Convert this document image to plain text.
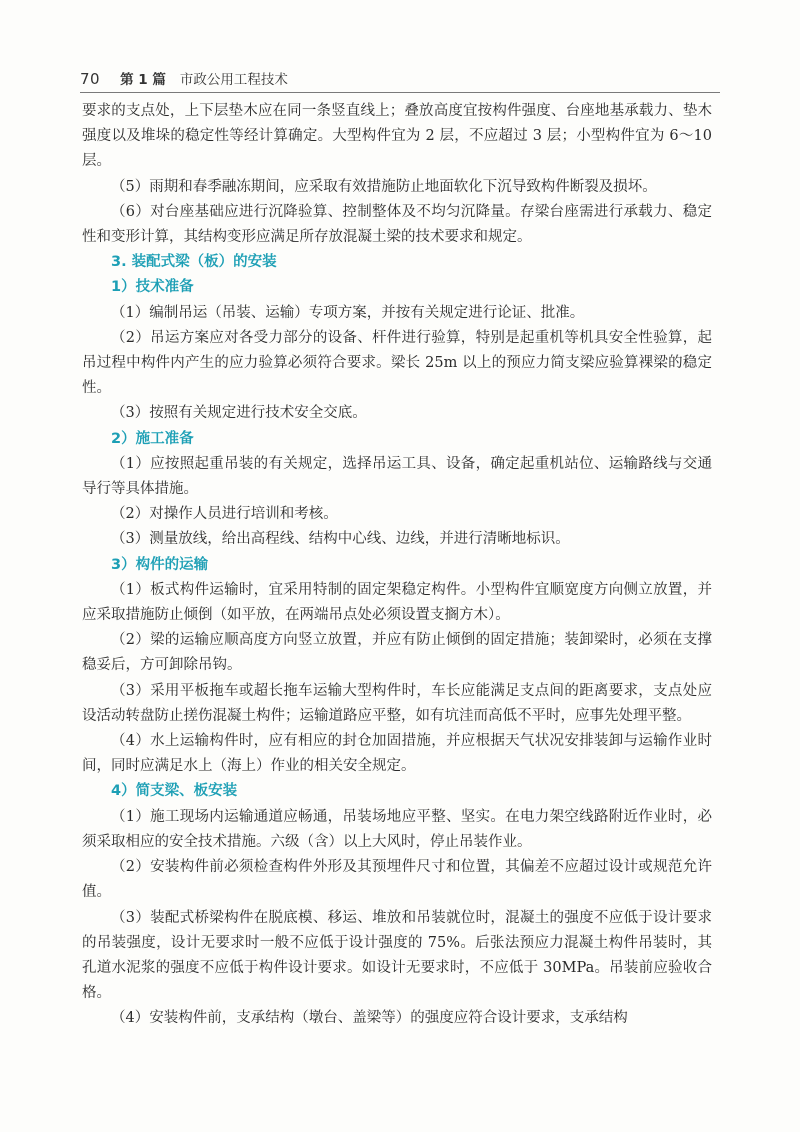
70 第 1 篇 市政公用工程技术

要求的支点处，上下层垫木应在同一条竖直线上；叠放高度宜按构件强度、台座地基承载力、垫木强度以及堆垛的稳定性等经计算确定。大型构件宜为 2 层，不应超过 3 层；小型构件宜为 6～10 层。

（5）雨期和春季融冻期间，应采取有效措施防止地面软化下沉导致构件断裂及损坏。

（6）对台座基础应进行沉降验算、控制整体及不均匀沉降量。存梁台座需进行承载力、稳定性和变形计算，其结构变形应满足所存放混凝土梁的技术要求和规定。

3. 装配式梁（板）的安装

1）技术准备

（1）编制吊运（吊装、运输）专项方案，并按有关规定进行论证、批准。

（2）吊运方案应对各受力部分的设备、杆件进行验算，特别是起重机等机具安全性验算，起吊过程中构件内产生的应力验算必须符合要求。梁长 25m 以上的预应力简支梁应验算裸梁的稳定性。

（3）按照有关规定进行技术安全交底。

2）施工准备

（1）应按照起重吊装的有关规定，选择吊运工具、设备，确定起重机站位、运输路线与交通导行等具体措施。

（2）对操作人员进行培训和考核。

（3）测量放线，给出高程线、结构中心线、边线，并进行清晰地标识。

3）构件的运输

（1）板式构件运输时，宜采用特制的固定架稳定构件。小型构件宜顺宽度方向侧立放置，并应采取措施防止倾倒（如平放，在两端吊点处必须设置支搁方木）。

（2）梁的运输应顺高度方向竖立放置，并应有防止倾倒的固定措施；装卸梁时，必须在支撑稳妥后，方可卸除吊钩。

（3）采用平板拖车或超长拖车运输大型构件时，车长应能满足支点间的距离要求，支点处应设活动转盘防止搓伤混凝土构件；运输道路应平整，如有坑洼而高低不平时，应事先处理平整。

（4）水上运输构件时，应有相应的封仓加固措施，并应根据天气状况安排装卸与运输作业时间，同时应满足水上（海上）作业的相关安全规定。

4）简支梁、板安装

（1）施工现场内运输通道应畅通，吊装场地应平整、坚实。在电力架空线路附近作业时，必须采取相应的安全技术措施。六级（含）以上大风时，停止吊装作业。

（2）安装构件前必须检查构件外形及其预埋件尺寸和位置，其偏差不应超过设计或规范允许值。

（3）装配式桥梁构件在脱底模、移运、堆放和吊装就位时，混凝土的强度不应低于设计要求的吊装强度，设计无要求时一般不应低于设计强度的 75%。后张法预应力混凝土构件吊装时，其孔道水泥浆的强度不应低于构件设计要求。如设计无要求时，不应低于 30MPa。吊装前应验收合格。

（4）安装构件前，支承结构（墩台、盖梁等）的强度应符合设计要求，支承结构
